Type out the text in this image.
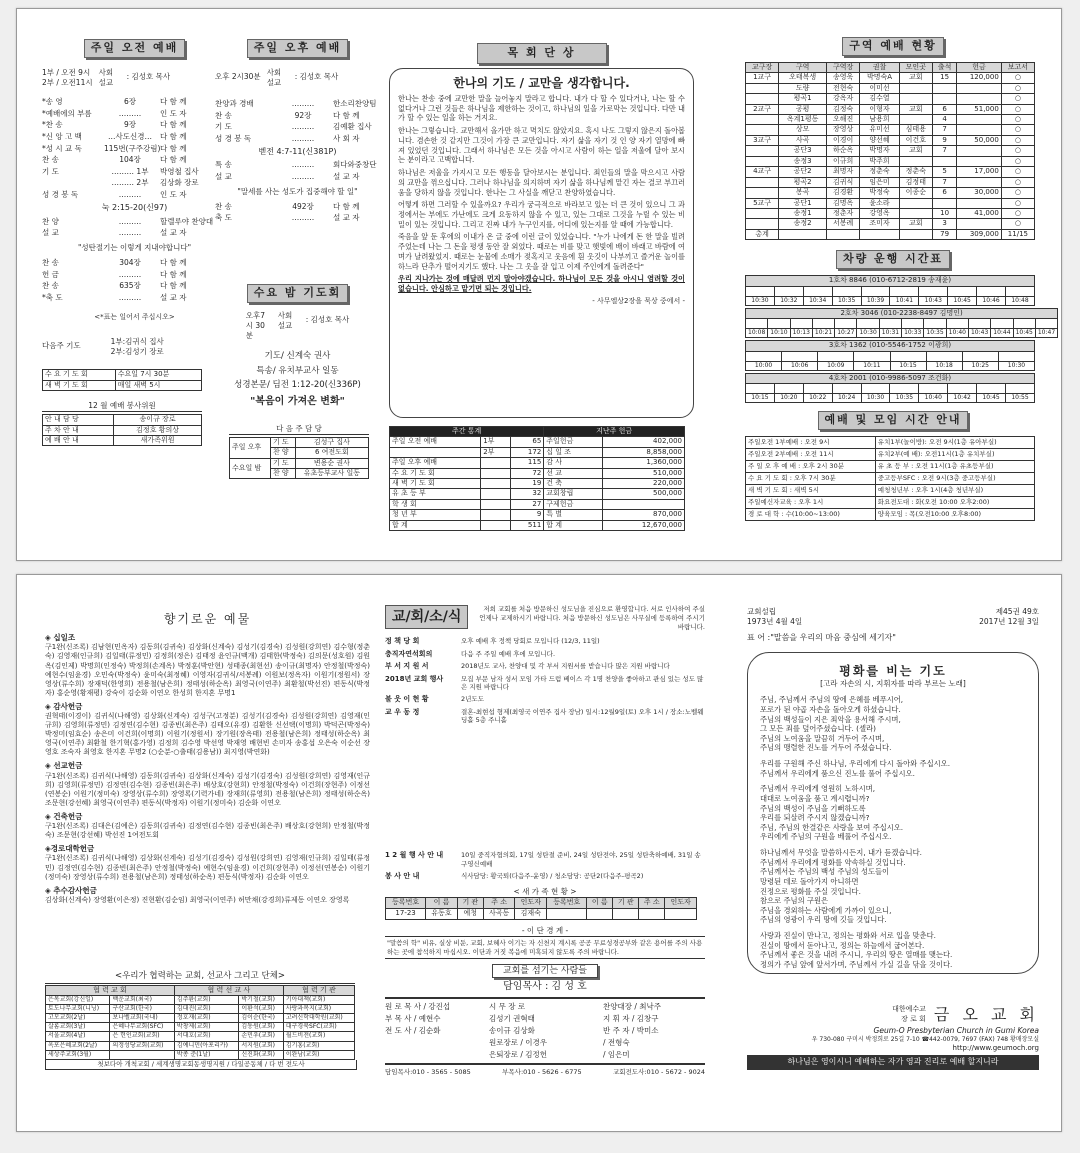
주일 오전 예배
1부 / 오전 9시
2부 / 오전11시
사회 설교
: 김성호 목사
*송 영	6장	다 함 께
*예배에의 부름	………	인 도 자
*찬 송	9장	다 함 께
*신 앙 고 백	…사도신경…	다 함 께
*성 시 교 독	115번(구주강림) 다 함 께
찬 송	104장	다 함 께
기 도	……… 1부	박영철 집사
……… 2부	김상화 장로
성 경 봉 독	………	인 도 자
눅 2:15-20(신97)
찬 양	………	할렐루야 찬양대
설 교	………	설 교 자
"성탄절기는 이렇게 지내야합니다"
찬 송	304장	다 함 께
헌 금	………	다 함 께
찬 송	635장	다 함 께
*축 도	………	설 교 자
<*표는 일어서 주십시오>
다음주 기도	1부:김귀식 집사
2부:김성기 장로
수 요 기 도 회	수요일 7시 30분
새 벽 기 도 회	매일 새벽 5시
12 월 예배 봉사위원
안 내 담 당	송이규 장로
주 차 안 내	김정호 황의상
예 배 안 내	새가족위원
주일 오후 예배
오후 2시30분 사회 설교
: 김성호 목사
찬양과 경배	………	한소리찬양팀
찬 송	92장	다 함 께
기 도	………	김예환 집사
성 경 봉 독	………	사 회 자
벧전 4:7-11(신381P)
특 송	………	회다와중창단
설 교	………	설 교 자
"말세를 사는 성도가 집중해야 할 일"
찬 송	492장	다 함 께
축 도	………	설 교 자
수요 밤 기도회
오후7시 30분
사회 설교
: 김성호 목사
기도/ 신계숙 권사
특송/ 유치부교사 일동
성경본문/ 딤전 1:12-20(신336P)
"복음이 가져온 변화"
다 음 주 담 당
주일 오후	기 도	김성구 집사
	찬 양	6 여전도회
수요일 밤	기 도	변용순 권사
	찬 양	유초등부교사 일동
목 회 단 상
한나의 기도 / 교만을 생각합니다.
한나는 찬송 중에 교만한 말을 늘어놓지 말라고 합니다. 내가 다 할 수 있다거나, 나는 할 수 없다거나 그런 것들은 하나님을 제한하는 것이고, 하나님의 일을 가로막는 것입니다. 다만 내가 할 수 있는 일을 하는 거지요.
한나는 그렇습니다. 교만해서 올가만 하고 멱치도 않았지요. 혹시 나도 그렇지 않은지 돌아봅니다. 겸손한 것 같지만 그것이 가장 큰 교만입니다. 자기 삶을 자기 것 인 양 자기 열망에 빠져 있었던 것입니다. 그래서 하나님은 모든 것을 아시고 사람이 하는 일을 저울에 달아 보시는 분이라고 고백합니다.
하나님은 저울을 가지시고 모든 행동을 달아보시는 분입니다. 죄인들의 말을 막으시고 사람의 교만을 꺾으십니다. 그러나 하나님을 의지하며 자기 삶을 하나님께 맡긴 자는 결코 부끄러움을 당하지 않을 것입니다. 한나는 그 사실을 깨닫고 찬양하였습니다.
어떻게 하면 그러할 수 있을까요? 우리가 궁극적으로 바라보고 있는 더 큰 것이 있으니 그 과정에서는 부에도 가난에도 크게 요동하지 않을 수 있고, 있는 그대로 그것을 누릴 수 있는 비밀이 있는 것입니다. 그리고 진짜 내가 누구인지를, 어디에 있는지를 알 때에 가능합니다.
죽음을 앞 둔 후에의 이내가 온 글 중에 이런 글이 있었습니다. "누가 나에게 돈 한 말을 빌려주었는데 나는 그 돈을 평생 동안 잘 외었다. 때로는 비를 맞고 햇빛에 배이 바래고 바람에 여며가 날려왔었지. 때로는 눈물에 소매가 젖혹지고 웃음에 흰 옷깃이 나부끼고 즐거운 놀이를 하느라 단추가 떨어지기도 했다. 나는 그 옷을 잘 입고 이제 주인에게 돌려준다"
우리 지나가는 것에 매달려 먼지 말아야겠습니다. 하나님이 모든 것을 아시니 염려할 것이 없습니다. 안심하고 맡기면 되는 것입니다.
- 사무엘상2장을 묵상 중에서 -
주간 통계			지난주 헌금	
주일 오전 예배	1부	65	주일헌금	402,000
	2부	172	십 일 조	8,858,000
주일 오후 예배		115	감 사	1,360,000
수 요 기 도 회		72	선 교	510,000
새 벽 기 도 회		19	건 축	220,000
유 초 등 부		32	교회창립	500,000
학 생 회		27	구제헌금	
청 년 부		9	특 별	870,000
합 계		511	합 계	12,670,000
구역 예배 현황
교구장	구역	구역장	권찰	모인곳	출석	헌금	보고서
1교구	오태복생	송영욱	박명숙A	교회	15	120,000	○
	도량	전현숙	이미선				○
	평곡1	강옥자	김수열				○
2교구	공평	김정숙	이형자	교회	6	51,000	○
	옥계1평동	오해진	남용희		4		○
	상모	장영상	유미선	심태용	7		○
3교구	사곡	이경이	양선혜	이건호	9	50,000	○
	공단3	하순옥	박명자	교회	7		○
	송정3	이규희	박주희				○
4교구	공단2	최명자	정춘숙	정춘숙	5	17,000	○
	평곡2	김귀식	임은미	김정태	7		○
	봉곡	김경환	박정숙	이종순	6	30,000	○
5교구	공단1	김명옥	윤소라				○
	송정1	정춘자	강영옥		10	41,000	○
	송정2	서봉례	조미자	교회	3		○
총계					79	309,000	11/15
차량 운행 시간표
1호차 8846 (010-6712-2819 송재윤)									

10:30	10:32	10:34	10:35	10:39	10:41	10:43	10:45	10:46	10:48
2호차 3046 (010-2238-8497 김명인)													

10:08	10:10	10:13	10:21	10:27	10:30	10:31	10:33	10:35	10:40	10:43	10:44	10:45	10:47
3호차 1362 (010-5546-1752 이광희)							

10:00	10:06	10:09	10:11	10:15	10:18	10:25	10:30
4호차 2001 (010-9986-5097 조건화)									

10:15	10:20	10:22	10:24	10:30	10:35	10:40	10:42	10:45	10:55
예배 및 모임 시간 안내
주일오전 1부예배 : 오전 9시	유치1부(놀이방): 오전 9시(1층 유아부실)
주일오전 2부예배 : 오전 11시	유치2부(예 배): 오전11시(1층 유치부실)
주 일 오 후 예 배 : 오후 2시 30분	유 초 등 부 : 오전 11시(1층 유초등부실)
수 요 기 도 회 : 오후 7시 30분	중고등부SFC : 오전 9시(3층 중고등부실)
새 벽 기 도 회 : 새벽 5시	예청청년부 : 오후 1시(4층 청년부실)
주일예신자교육 : 오후 1시	화요전도대 : 화(오전 10:00 오후2:00)
경 로 대 학 : 수(10:00~13:00)	양육모임 : 목(오전10:00 오후8:00)
향기로운 예물
◈ 십일조
구1완(신조록) 김남현(민옥자) 김동희(김귀숙) 김상화(신계숙) 김성기(김경숙) 김성원(강희연) 김수형(정춘숙) 김영재(인규희) 김일태(류정민) 김정희(정은) 김태정 윤인규(맥개) 김태한(박정숙) 김의문(성호원) 김원옥(김인제) 박명희(인정숙) 박정희(손계옥) 박정훈(박안현) 성태종(최현선) 송이규(최명자) 안정철(박정숙) 예현수(임윤경) 오민숙(박정숙) 윤미숙(최정혜) 이영자(김귀식/서봉례) 이원보(정옥자) 이원기(정원서) 장영상(류수희) 장재덕(한영희) 전용철(남은희) 정태성(하순옥) 최영국(이연주) 최환철(박선진) 편동식(박정자) 홍순영(황재평) 강숙이 김순화 이연오 한성희 한지혼 무명1
◈ 감사헌금
권혁태(이경이) 김귀식(나해영) 김상화(신계숙) 김성구(고정분) 김성기(김경숙) 김성원(강희연) 김영재(인규희) 김영희(류정민) 김정연(김수현) 김종빈(최은주) 김태오(유경) 김환한 신선택(이명희) 박덕곤(박정숙) 박정미(임효순) 송은미 이건희(이명희) 이원기(정원서) 장기원(장옥태) 전용철(남은희) 정태성(하순옥) 최영국(이연주) 최환철 한기혁(홍가영) 김정희 김수영 박선영 박재영 배현빈 손미자 송홍섭 오은숙 이순선 장영호 조숙자 최영호 한지혼 무명2 (○순분-○출태(김용남)) 최지영(박연화)
◈ 선교헌금
구1완(신조록) 김귀식(나해영) 김동희(김귀숙) 김상화(신계숙) 김성기(김경숙) 김성원(강희연) 김영재(인규희) 김영희(류정민) 김정연(김수현) 김종빈(최은주) 배상호(강현희) 안정철(박정숙) 이건희(장현주) 이정선(연봉순) 이원기(정미숙) 장영상(류수희) 장영록(기력가네) 장재희(류영희) 전용철(남은희) 정태성(하순옥) 조문현(강선혜) 최영국(이연주) 편동식(박정자) 이원기(정미숙) 김순화 이연오
◈ 건축헌금
구1완(신조록) 김대은(김예은) 김동희(김귀숙) 김정연(김수현) 김종빈(최은주) 배상호(강현희) 안정철(박정숙) 조문현(강선혜) 박선진 1여전도회
◈경로대학헌금
구1완(신조록) 김귀식(나해영) 김상화(신계숙) 김성기(김경숙) 김성원(강희연) 김영재(인규희) 김일태(류정민) 김정연(김수현) 김종빈(최은주) 안정철(박정숙) 예현수(임윤경) 이건희(장현주) 이정선(연봉순) 이원기(정미숙) 장영상(류수희) 전용철(남은희) 정태성(하순옥) 편동식(박정자) 김순화 이연오
◈ 추수감사헌금
김상화(신계숙) 장영환(이은정) 진현환(김순임) 최영국(이연주) 허만채(강경희)류제동 이연오 장영록
<우리가 협력하는 교회, 선교사 그리고 단체>
협 력 교 회		협 력 선 교 사		협 력 기 관
은목교회(강신일)	백운교회(최국)	김주환(교회)	박기철(교회)	기아대책(교회)
토도나무교회(니닝)	구산교회(한국)	김대진(교회)	이환석(교회)	사랑과복지(교회)
고모교회(2날)	보나벨교회(국내)	정호재(교회)	김이순(한국)	고려신학대학원(교회)
살롬교회(3날)	은혜나무교회(SFC)	박창제(교회)	김동원(교회)	대구경북SFC(교회)
서울교회(4날)	은 헌인교회(교회)	서대호(교회)	손민우(교회)	월드비전(교회)
옥포은혜교회(2날)	의정성당교회(교회)	김예니민(아포리카)	서지원(교회)	김기홍(교회)
세상주교회(3월)		박종 준(1날)	신진화(교회)	이완남(교회)
첫보다아 개척교회 / 세계생명교회동생명지원 / 다일공동체 / 다 번 전도사
교/회/소/식	저희 교회를 처음 방문하신 성도님을 진심으로 환영합니다. 서로 인사하여 주실 언제나 교제하시기 바랍니다. 처음 방문하신 성도님은 사무실에 등록하여 주시기 바랍니다.
정 책 당 회	오후 예배 후 정책 당회로 모입니다 (12/3, 11일)
충직자연석회의	다음 주 주일 예배 후에 모입니다.
부 서 지 원 서	2018년도 교사, 찬양대 및 각 부서 지원서를 받습니다 많은 지원 바랍니다
2018년 교회 행사	모집 부문 남자 성서 모임 가타 드럼 베이스 각 1명 찬양을 좋아하고 관심 있는 성도 많은 지원 바랍니다
불 웃 이 현 황	2년도도
교 우 동 정	결혼-최현섭 형제(최영국 이연주 집사 장남) 일시:12월9일(토) 오후 1시 / 장소:노벨웨딩홀 5층 주니홀
1 2 월 행 사 안 내	10일 중직자협의회, 17일 성탄절 준비, 24일 성탄전야, 25일 성탄축하예배, 31일 송구영신예배
봉 사 안 내	식사담당: 황국퇴(다음주-윤영) / 청소담당: 공단2(다음주-평곡2)
< 새 가 족 현 황 >
등록번호	이 름	기 관	주 소	인도자	등록번호	이 름	기 관	주 소	인도자
17-23	유동호	예청	사곡동	김재숙					
- 이 단 경 계 -
"말씀의 학" 비유, 실상 비둔, 교회, 보혜사 이기는 자 신천지 계시록 공공 무료성경공부와 같은 용어를 주의 사용하는 곳에 참석하지 마십시오. 이단과 거짓 복음에 미혹되지 않도록 주의 바랍니다.
교회를 섬기는 사람들
담임목사 : 김 성 호
원 로 목 사 / 강진섭	시 무 장 로	찬양대장 / 최낙주
부 목 사 / 예현수	김성기 권혁태	지 휘 자 / 김창구
전 도 사 / 김순화	송이규 김상화	반 주 자 / 박미소
원로장로 / 이경우	/ 전형숙
은퇴장로 / 김정헌	/ 임은미
담임목사:010 - 3565 - 5085	부목사:010 - 5626 - 6775	교회전도사:010 - 5672 - 9024
교회설립
1973년 4월 4일
제45권 49호
2017년 12월 3일
표 어 :"말씀을 우리의 마음 중심에 세기자"
평화를 비는 기도
[고라 자손의 시, 지휘자를 따라 부르는 노래]
주님, 주님께서 주님의 땅에 은혜를 베푸시어,
포로가 된 야곱 자손을 돌아오게 하셨습니다.
주님의 백성들이 지은 죄악을 용서해 주시며,
그 모든 죄를 덮어주셨습니다. (셀라)
주님의 노여움을 말끔히 거두어 주시며,
주님의 맹렬한 진노를 거두어 주셨습니다.
우리를 구원해 주신 하나님, 우리에게 다시 돌아와 주십시오.
주님께서 우리에게 품으신 진노를 풀어 주십시오.
주님께서 우리에게 영원히 노하시며,
대대로 노여움을 품고 계시렵니까?
주님의 백성이 주님을 기뻐하도록
우리를 되살려 주시지 않겠습니까?
주님, 주님의 한결같은 사랑을 보여 주십시오.
우리에게 주님의 구원을 베풀어 주십시오.
하나님께서 무엇을 말씀하시든지, 내가 듣겠습니다.
주님께서 우리에게 평화를 약속하실 것입니다.
주님께서는 주님의 백성 주님의 성도들이
망령된 데로 돌아가지 아니하면
진정으로 평화를 주실 것입니다.
참으로 주님의 구원은
주님을 경외하는 사람에게 가까이 있으니,
주님의 영광이 우리 땅에 깃들 것입니다.
사랑과 진실이 만나고, 정의는 평화와 서로 입을 맞춘다.
진실이 땅에서 돋아나고, 정의는 하늘에서 굽어본다.
주님께서 좋은 것을 내려 주시니, 우리의 땅은 열매를 맺는다.
정의가 주님 앞에 앞서가며, 주님께서 가실 길을 닦을 것이다.
대한예수교 장 로 회 금 오 교 회
Geum-O Presbyterian Church in Gumi Korea
우 730-080 구미시 박정희로 25길 7-10 ☎442-0079, 7697 (FAX) 748 황매장모실
http://www.geumoch.org
하나님은 영이시니 예배하는 자가 영과 진리로 예배 할지니라
